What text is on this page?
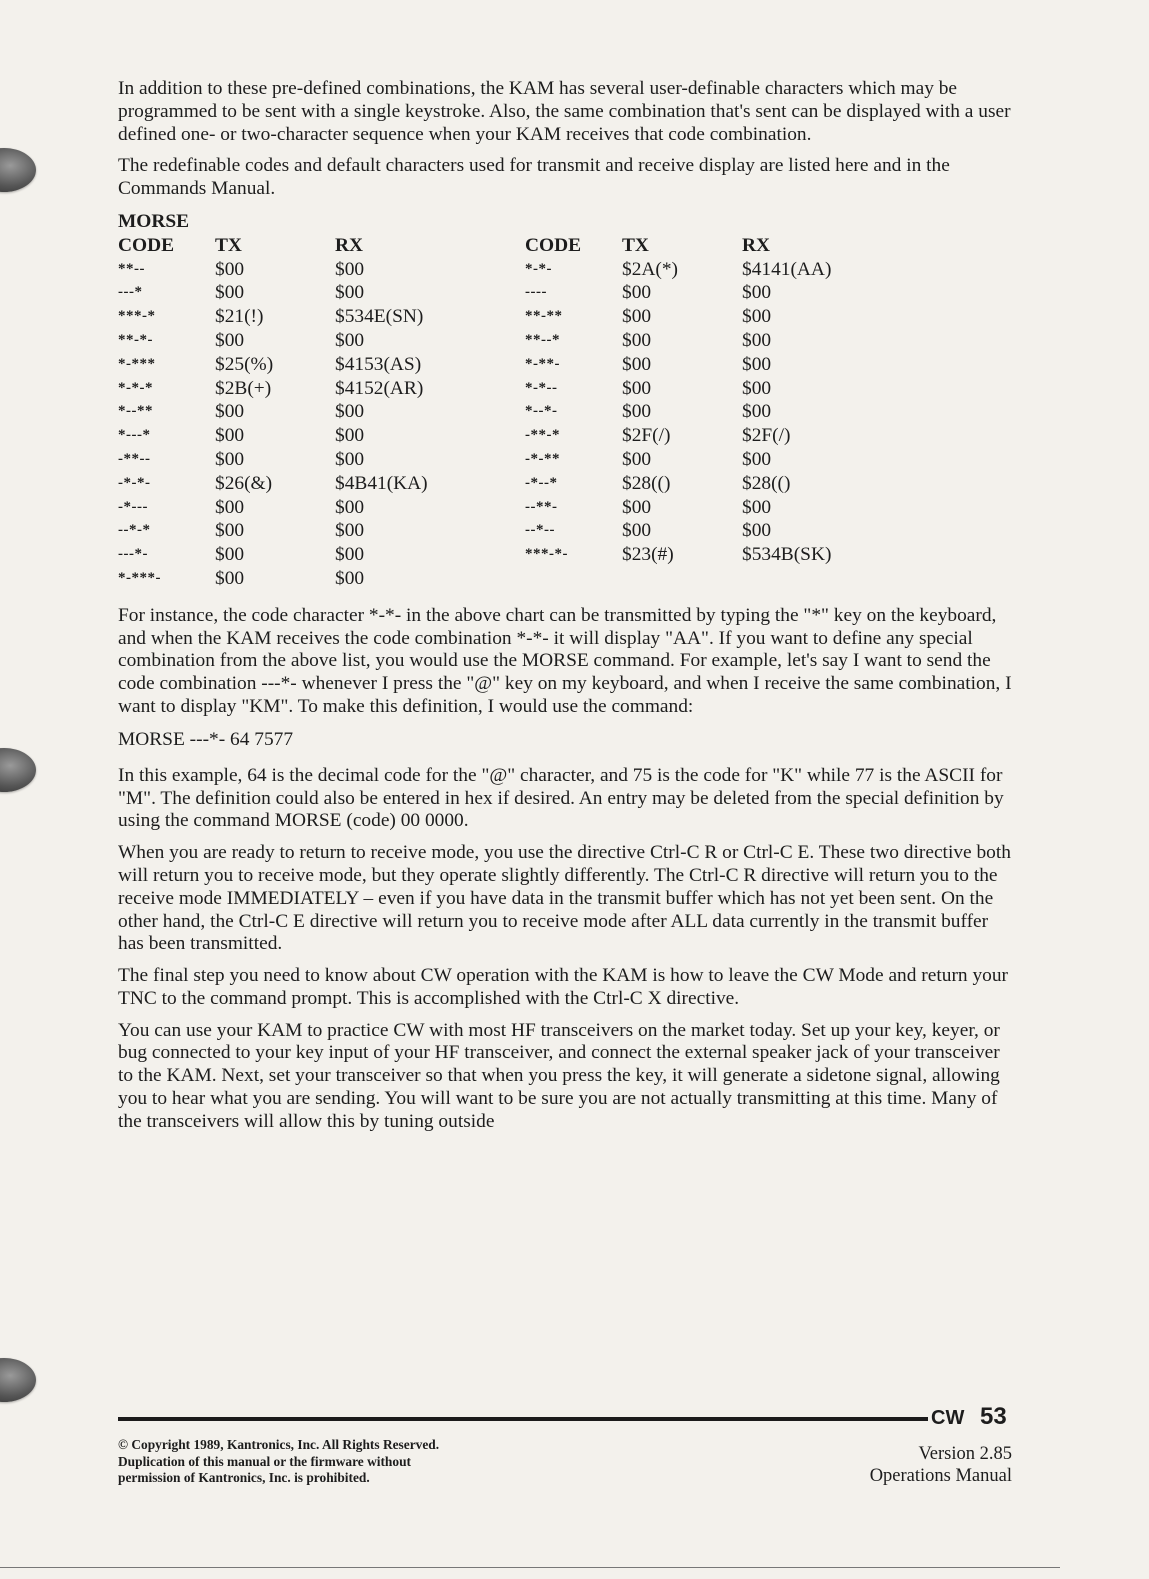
In addition to these pre-defined combinations, the KAM has several user-definable characters which may be programmed to be sent with a single keystroke. Also, the same combination that's sent can be displayed with a user defined one- or two-character sequence when your KAM receives that code combination.

The redefinable codes and default characters used for transmit and receive display are listed here and in the Commands Manual.

MORSE
CODE	TX	RX	CODE	TX	RX
**--	$00	$00	*-*-	$2A(*)	$4141(AA)
---*	$00	$00	----	$00	$00
***-*	$21(!)	$534E(SN)	**-**	$00	$00
**-*-	$00	$00	**--*	$00	$00
*-***	$25(%)	$4153(AS)	*-**-	$00	$00
*-*-*	$2B(+)	$4152(AR)	*-*--	$00	$00
*--**	$00	$00	*--*-	$00	$00
*---*	$00	$00	-**-*	$2F(/)	$2F(/)
-**--	$00	$00	-*-**	$00	$00
-*-*-	$26(&)	$4B41(KA)	-*--*	$28(()	$28(()
-*---	$00	$00	--**-	$00	$00
--*-*	$00	$00	--*--	$00	$00
---*-	$00	$00	***-*-	$23(#)	$534B(SK)
*-***-	$00	$00

For instance, the code character *-*- in the above chart can be transmitted by typing the "*" key on the keyboard, and when the KAM receives the code combination *-*- it will display "AA". If you want to define any special combination from the above list, you would use the MORSE command. For example, let's say I want to send the code combination ---*- whenever I press the "@" key on my keyboard, and when I receive the same combination, I want to display "KM". To make this definition, I would use the command:

MORSE ---*- 64 7577

In this example, 64 is the decimal code for the "@" character, and 75 is the code for "K" while 77 is the ASCII for "M". The definition could also be entered in hex if desired. An entry may be deleted from the special definition by using the command MORSE (code) 00 0000.

When you are ready to return to receive mode, you use the directive Ctrl-C R or Ctrl-C E. These two directive both will return you to receive mode, but they operate slightly differently. The Ctrl-C R directive will return you to the receive mode IMMEDIATELY – even if you have data in the transmit buffer which has not yet been sent. On the other hand, the Ctrl-C E directive will return you to receive mode after ALL data currently in the transmit buffer has been transmitted.

The final step you need to know about CW operation with the KAM is how to leave the CW Mode and return your TNC to the command prompt. This is accomplished with the Ctrl-C X directive.

You can use your KAM to practice CW with most HF transceivers on the market today. Set up your key, keyer, or bug connected to your key input of your HF transceiver, and connect the external speaker jack of your transceiver to the KAM. Next, set your transceiver so that when you press the key, it will generate a sidetone signal, allowing you to hear what you are sending. You will want to be sure you are not actually transmitting at this time. Many of the transceivers will allow this by tuning outside

CW 53
© Copyright 1989, Kantronics, Inc. All Rights Reserved.
Duplication of this manual or the firmware without
permission of Kantronics, Inc. is prohibited.
Version 2.85
Operations Manual
